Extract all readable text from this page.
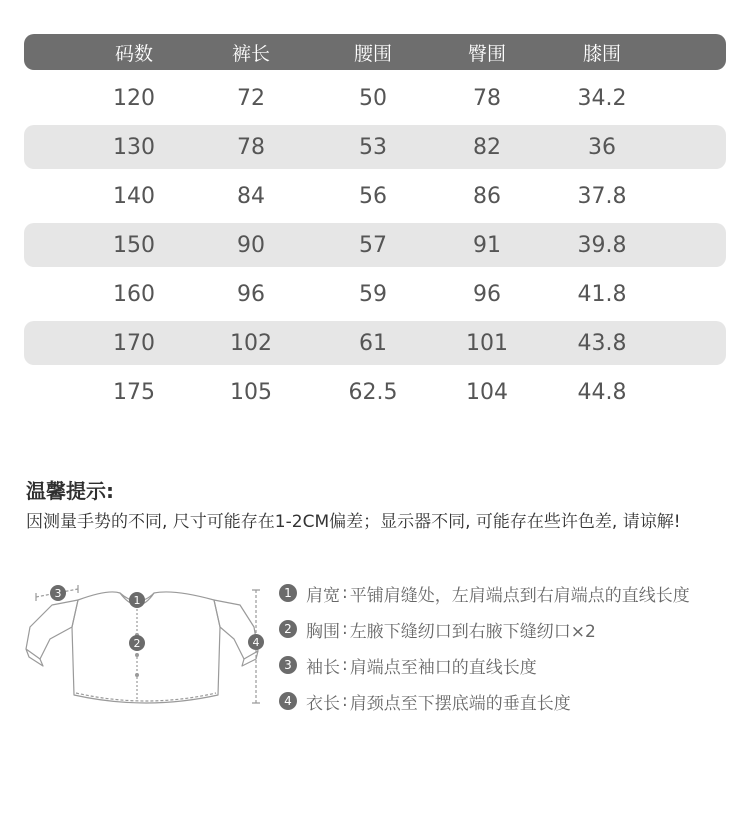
码数	裤长	腰围	臀围	膝围
120	72	50	78	34.2
130	78	53	82	36
140	84	56	86	37.8
150	90	57	91	39.8
160	96	59	96	41.8
170	102	61	101	43.8
175	105	62.5	104	44.8
温馨提示:
因测量手势的不同, 尺寸可能存在1-2CM偏差；显示器不同, 可能存在些许色差, 请谅解!
1
2
3
4
1 肩宽 : 平铺肩缝处，左肩端点到右肩端点的直线长度
2 胸围 : 左腋下缝纫口到右腋下缝纫口×2
3 袖长 : 肩端点至袖口的直线长度
4 衣长 : 肩颈点至下摆底端的垂直长度
